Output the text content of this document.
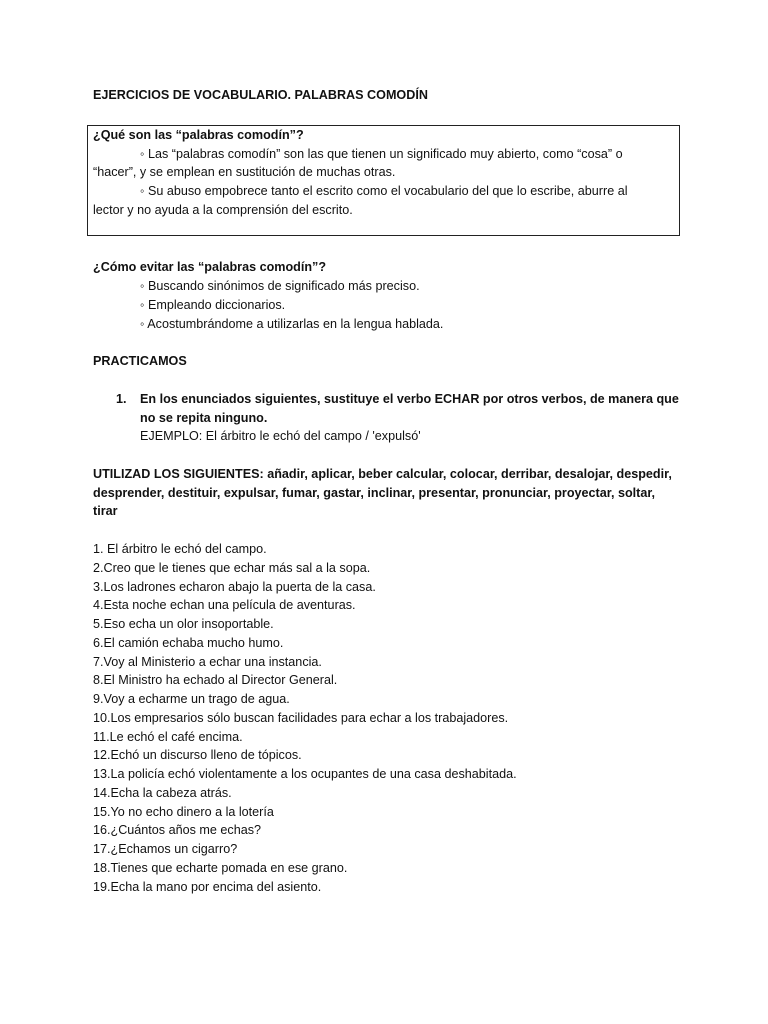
EJERCICIOS DE VOCABULARIO. PALABRAS COMODÍN
¿Qué son las “palabras comodín”?
◦ Las “palabras comodín” son las que tienen un significado muy abierto, como “cosa” o
“hacer”, y se emplean en sustitución de muchas otras.
◦ Su abuso empobrece tanto el escrito como el vocabulario del que lo escribe, aburre al
lector y no ayuda a la comprensión del escrito.
¿Cómo evitar las “palabras comodín”?
◦ Buscando sinónimos de significado más preciso.
◦ Empleando diccionarios.
◦ Acostumbrándome a utilizarlas en la lengua hablada.
PRACTICAMOS
1. En los enunciados siguientes, sustituye el verbo ECHAR por otros verbos, de manera que
no se repita ninguno.
EJEMPLO: El árbitro le echó del campo / 'expulsó'
UTILIZAD LOS SIGUIENTES: añadir, aplicar, beber calcular, colocar, derribar, desalojar, despedir,
desprender, destituir, expulsar, fumar, gastar, inclinar, presentar, pronunciar, proyectar, soltar,
tirar
1. El árbitro le echó del campo.
2.Creo que le tienes que echar más sal a la sopa.
3.Los ladrones echaron abajo la puerta de la casa.
4.Esta noche echan una película de aventuras.
5.Eso echa un olor insoportable.
6.El camión echaba mucho humo.
7.Voy al Ministerio a echar una instancia.
8.El Ministro ha echado al Director General.
9.Voy a echarme un trago de agua.
10.Los empresarios sólo buscan facilidades para echar a los trabajadores.
11.Le echó el café encima.
12.Echó un discurso lleno de tópicos.
13.La policía echó violentamente a los ocupantes de una casa deshabitada.
14.Echa la cabeza atrás.
15.Yo no echo dinero a la lotería
16.¿Cuántos años me echas?
17.¿Echamos un cigarro?
18.Tienes que echarte pomada en ese grano.
19.Echa la mano por encima del asiento.
